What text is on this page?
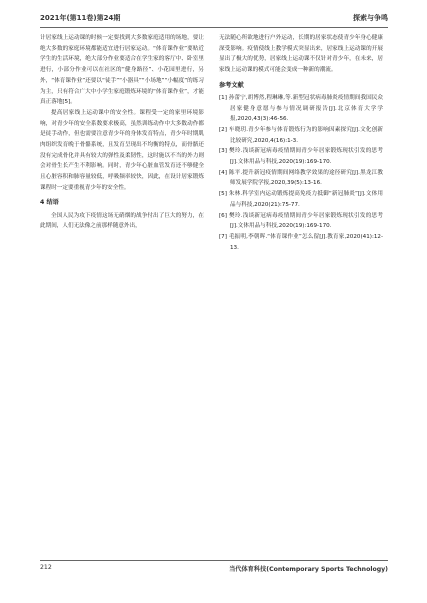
2021年(第11卷)第24期	探索与争鸣

计居家线上运动课的时候一定要找到大多数家庭适用的场地，要让绝大多数的家庭环境都能适宜进行居家运动。“体育课作业”要贴近学生的生活环境，绝大部分作业要适合在学生家的客厅中、卧室里进行，小部分作业可以在社区的“健身路径”、小花园里进行，另外，“体育课作业”还要以“徒手”“小器具”“小场地”“小幅度”的练习为主，只有符合广大中小学生家庭锻炼环境的“体育课作业”，才能真正落地[5]。

提高居家线上运动课中的安全性。课程受一定的家里环境影响，对青少年的安全系数要求极高，虽然训练动作中大多数动作都是徒手动作，但也需要注意青少年的身体发育特点，青少年时期肌肉组织发育晚于骨骼系统，且发育呈现出不均衡的特点，而骨骼还没有完成骨化并具有较大的弹性及柔韧性，这时施以不当的外力则会对骨生长产生不利影响。同时，青少年心脏血管发育还不够健全且心脏容积和肺容量较低，呼吸频率较快，因此，在设计居家锻炼课程时一定要重视青少年的安全性。

4 结语

全国人民为攻下疫情这场无硝烟的战争付出了巨大的努力，在此期间，人们无法像之前那样随意外出，

无法随心所欲地进行户外运动，长期的居家状态使青少年身心健康深受影响。疫情使线上教学模式突显出来，居家线上运动课的开展显出了极大的优势，居家线上运动课不仅针对青少年，在未来，居家线上运动课的模式可能会变成一种新的潮流。

参考文献
[1] 孙蕾宁,胡博然,程琳琳,等.新型冠状病毒肺炎疫情期间我国民众居家健身意愿与参与情况调研报告[J].北京体育大学学报,2020,43(3):46-56.
[2] 车晓玥.青少年参与体育锻炼行为的影响因素探究[J].文化创新比较研究,2020,4(16):1-3.
[3] 樊玲.浅谈新冠病毒疫情期间青少年居家锻炼现状引发的思考[J].文体用品与科技,2020(19):169-170.
[4] 陈平.提升新冠疫情期间网络教学效果的途径研究[J].黑龙江教师发展学院学报,2020,39(5):13-16.
[5] 朱林.科学室内运动锻炼提高免疫力抵御“新冠肺炎”[J].文体用品与科技,2020(21):75-77.
[6] 樊玲.浅谈新冠病毒疫情期间青少年居家锻炼现状引发的思考[J].文体用品与科技,2020(19):169-170.
[7] 毛振明,李朝晖.“体育课作业”怎么留[J].教育家,2020(41):12-13.
212	当代体育科技(Contemporary Sports Technology)
